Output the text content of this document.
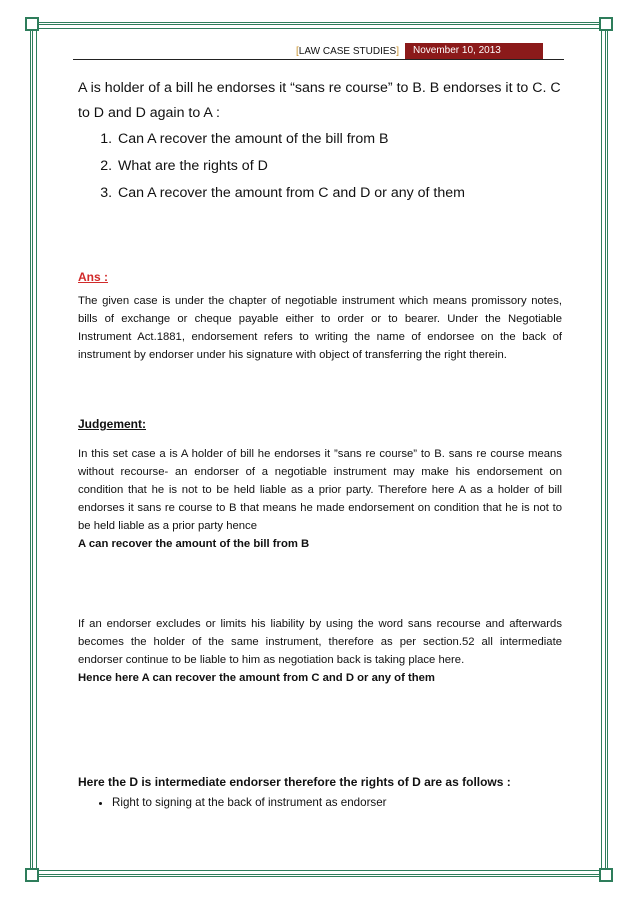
[LAW CASE STUDIES]	November 10, 2013

A is holder of a bill he endorses it “sans re course” to B. B endorses it to C. C to D and D again to A :

1. Can A recover the amount of the bill from B
2. What are the rights of D
3. Can A recover the amount from C and D or any of them
Ans :

The given case is under the chapter of negotiable instrument which means promissory notes, bills of exchange or cheque payable either to order or to bearer. Under the Negotiable Instrument Act.1881, endorsement refers to writing the name of endorsee on the back of instrument by endorser under his signature with object of transferring the right therein.

Judgement:

In this set case a is A holder of bill he endorses it ”sans re course” to B. sans re course means without recourse- an endorser of a negotiable instrument may make his endorsement on condition that he is not to be held liable as a prior party. Therefore here A as a holder of bill endorses it sans re course to B that means he made endorsement on condition that he is not to be held liable as a prior party hence
A can recover the amount of the bill from B

If an endorser excludes or limits his liability by using the word sans recourse and afterwards becomes the holder of the same instrument, therefore as per section.52 all intermediate endorser continue to be liable to him as negotiation back is taking place here.
Hence here A can recover the amount from C and D or any of them

Here the D is intermediate endorser therefore the rights of D are as follows :
• Right to signing at the back of instrument as endorser
